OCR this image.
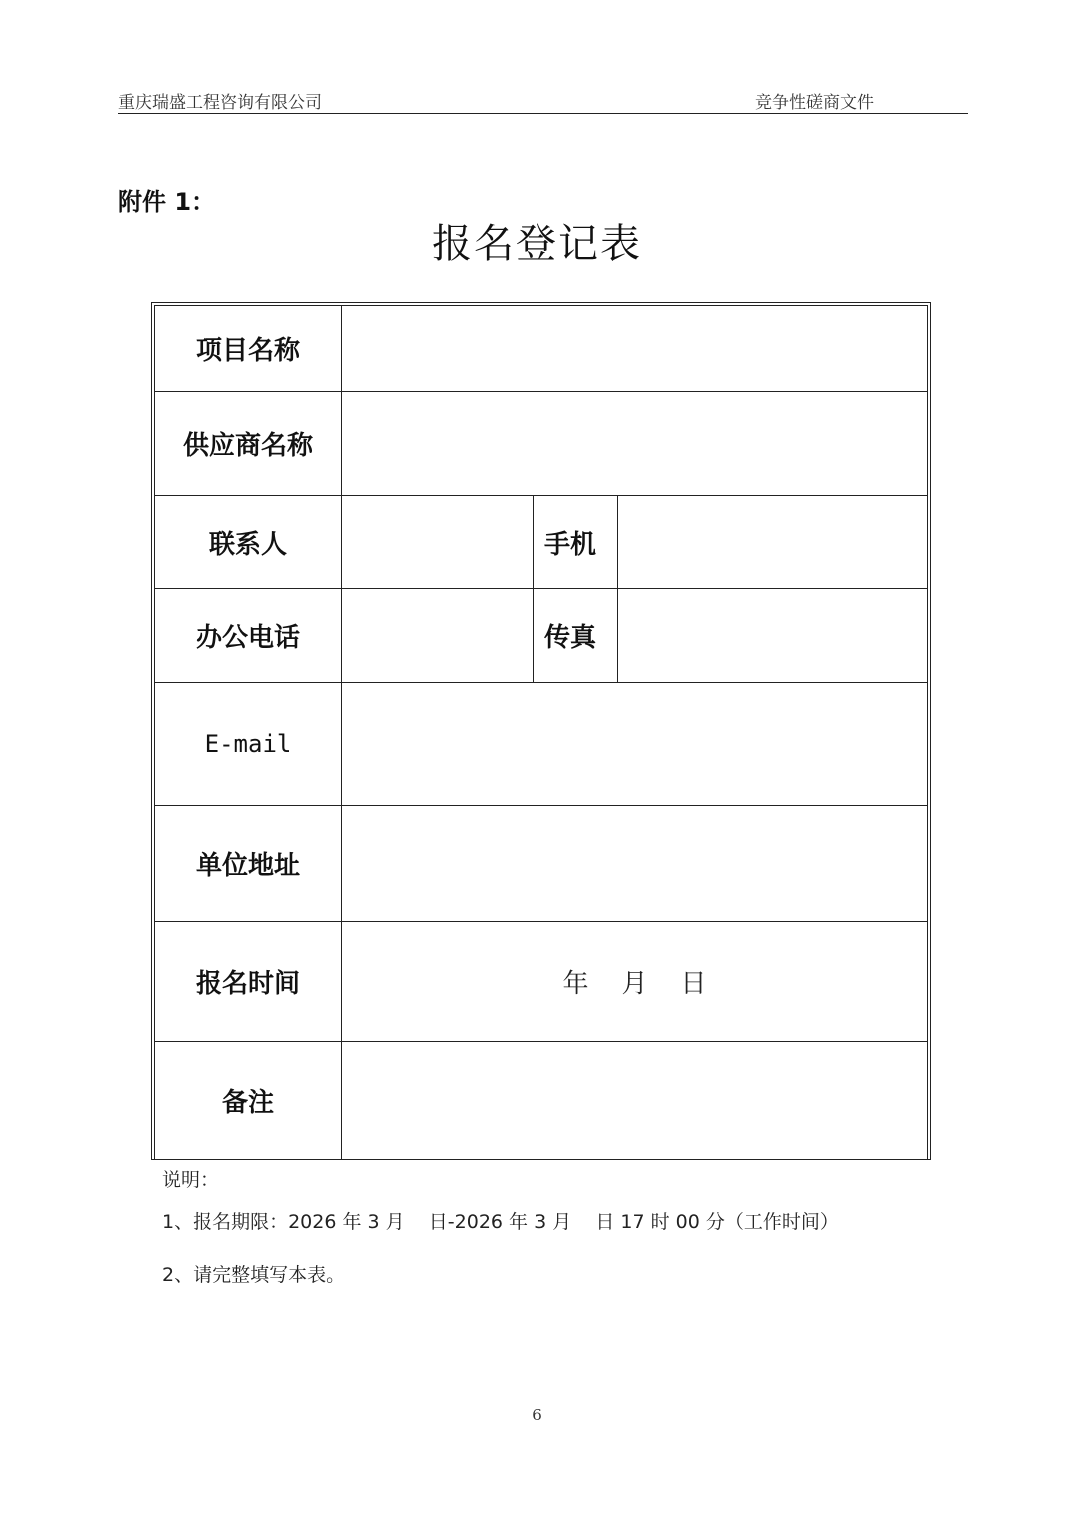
重庆瑞盛工程咨询有限公司	竞争性磋商文件
附件 1：
报名登记表
项目名称			
供应商名称			
联系人		手机	
办公电话		传真	
E-mail			
单位地址			
报名时间	年    月    日		
备注			
说明：
1、报名期限：2026 年 3 月    日-2026 年 3 月    日 17 时 00 分（工作时间）
2、请完整填写本表。
6
